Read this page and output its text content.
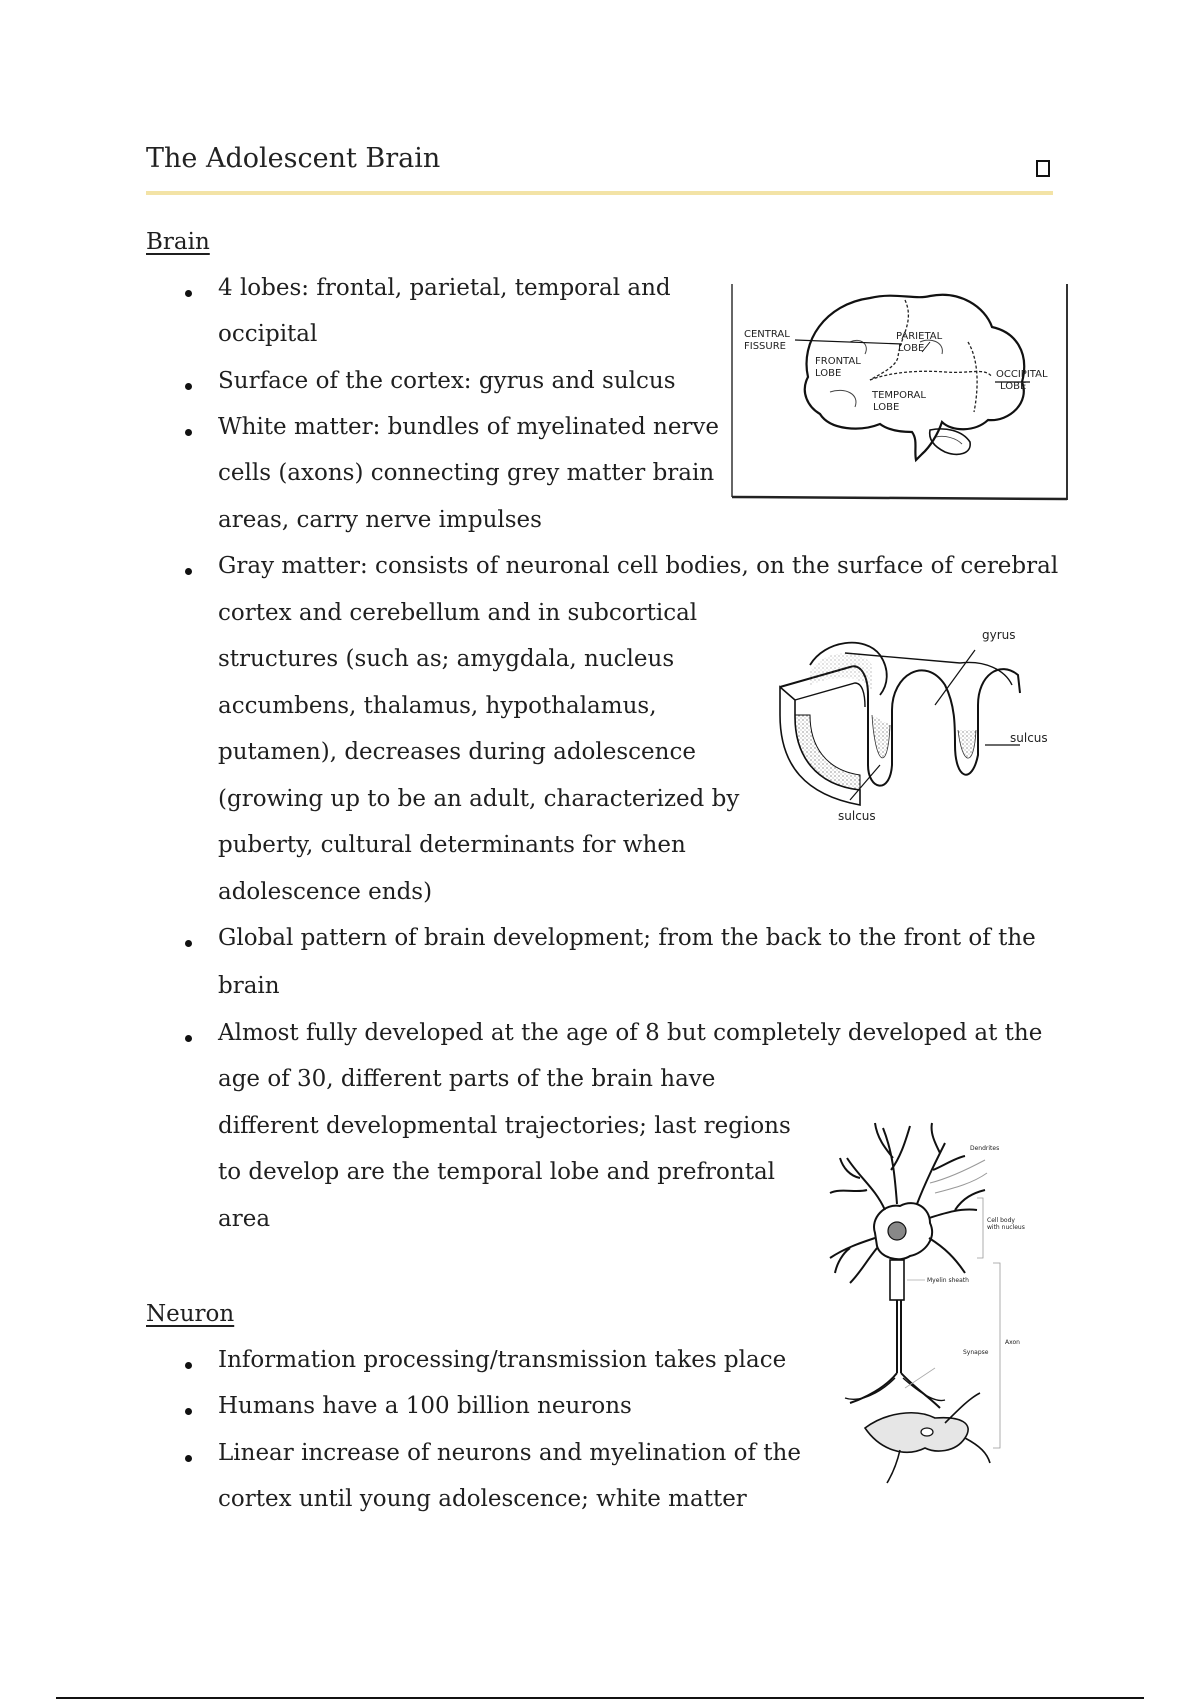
The Adolescent Brain
Brain
4 lobes: frontal, parietal, temporal and
occipital
Surface of the cortex: gyrus and sulcus
White matter: bundles of myelinated nerve
cells (axons) connecting grey matter brain
areas, carry nerve impulses
Gray matter: consists of neuronal cell bodies, on the surface of cerebral
cortex and cerebellum and in subcortical
structures (such as; amygdala, nucleus
accumbens, thalamus, hypothalamus,
putamen), decreases during adolescence
(growing up to be an adult, characterized by
puberty, cultural determinants for when
adolescence ends)
Global pattern of brain development; from the back to the front of the
brain
Almost fully developed at the age of 8 but completely developed at the
age of 30, different parts of the brain have
different developmental trajectories; last regions
to develop are the temporal lobe and prefrontal
area
Neuron
Information processing/transmission takes place
Humans have a 100 billion neurons
Linear increase of neurons and myelination of the
cortex until young adolescence; white matter
CENTRAL
FISSURE
FRONTAL
LOBE
PARIETAL
LOBE
TEMPORAL
LOBE
OCCIPITAL
LOBE
gyrus
sulcus
sulcus
Dendrites
Cell body
with nucleus
Myelin sheath
Axon
Synapse
